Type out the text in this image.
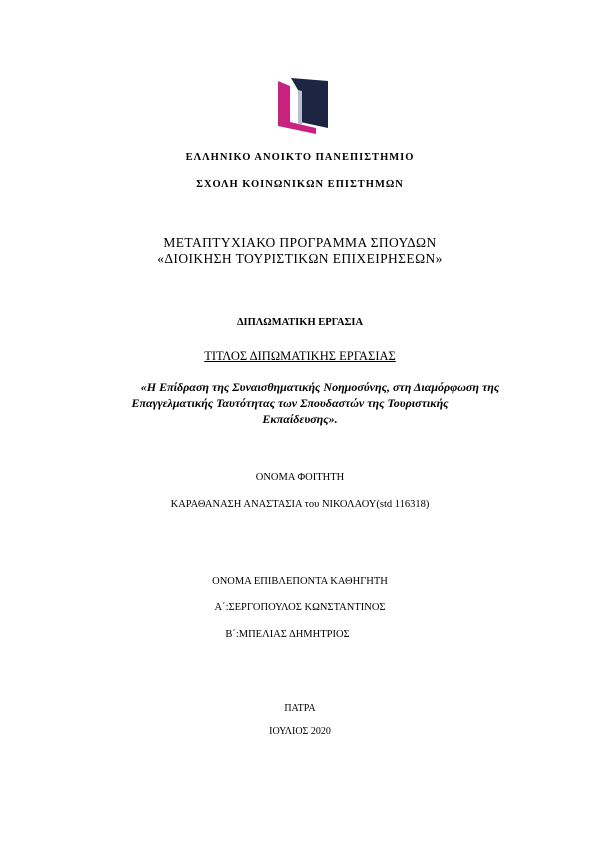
ΕΛΛΗΝΙΚΟ ΑΝΟΙΚΤΟ ΠΑΝΕΠΙΣΤΗΜΙΟ
ΣΧΟΛΗ ΚΟΙΝΩΝΙΚΩΝ ΕΠΙΣΤΗΜΩΝ
ΜΕΤΑΠΤΥΧΙΑΚΟ ΠΡΟΓΡΑΜΜΑ ΣΠΟΥΔΩΝ
«ΔΙΟΙΚΗΣΗ ΤΟΥΡΙΣΤΙΚΩΝ ΕΠΙΧΕΙΡΗΣΕΩΝ»
ΔΙΠΛΩΜΑΤΙΚΗ ΕΡΓΑΣΙΑ
ΤΙΤΛΟΣ ΔΙΠΩΜΑΤΙΚΗΣ ΕΡΓΑΣΙΑΣ
«Η Επίδραση της Συναισθηματικής Νοημοσύνης, στη Διαμόρφωση της
Επαγγελματικής Ταυτότητας των Σπουδαστών της Τουριστικής
Εκπαίδευσης».
ΟΝΟΜΑ ΦΟΙΤΗΤΗ
ΚΑΡΑΘΑΝΑΣΗ ΑΝΑΣΤΑΣΙΑ του ΝΙΚΟΛΑΟΥ(std 116318)
ΟΝΟΜΑ ΕΠΙΒΛΕΠΟΝΤΑ ΚΑΘΗΓΗΤΗ
Α΄:ΣΕΡΓΟΠΟΥΛΟΣ ΚΩΝΣΤΑΝΤΙΝΟΣ
Β΄:ΜΠΕΛΙΑΣ ΔΗΜΗΤΡΙΟΣ
ΠΑΤΡΑ
ΙΟΥΛΙΟΣ 2020
